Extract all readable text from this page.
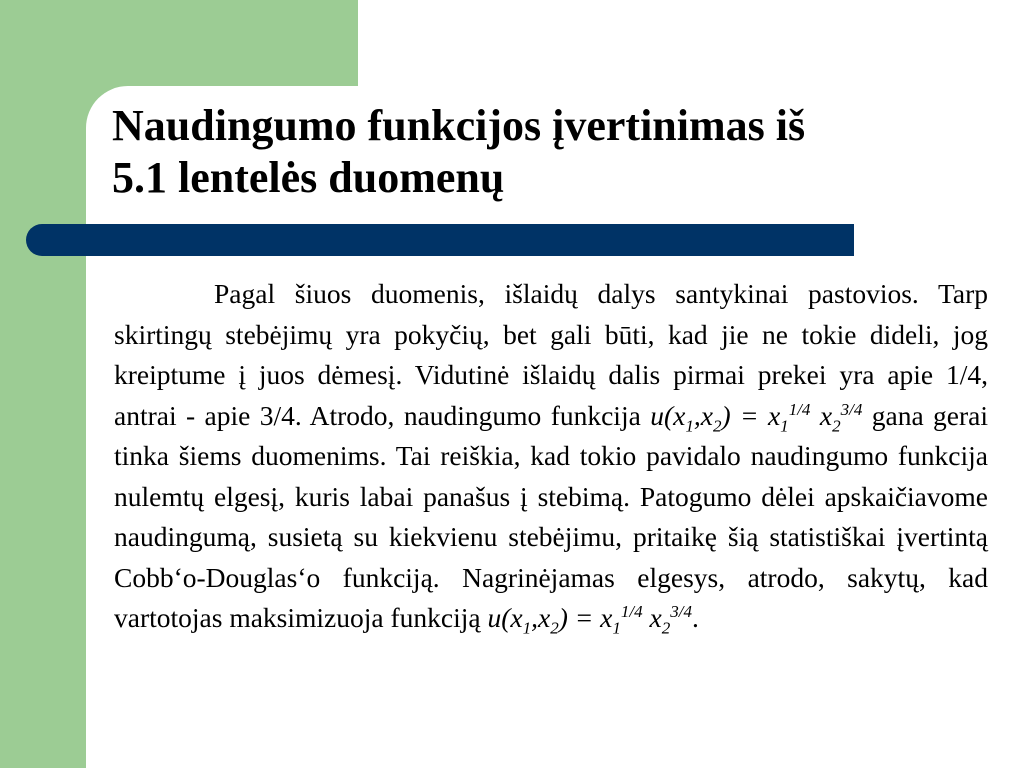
Naudingumo funkcijos įvertinimas iš
5.1 lentelės duomenų

Pagal šiuos duomenis, išlaidų dalys santykinai pastovios. Tarp skirtingų stebėjimų yra pokyčių, bet gali būti, kad jie ne tokie dideli, jog kreiptume į juos dėmesį. Vidutinė išlaidų dalis pirmai prekei yra apie 1/4, antrai - apie 3/4. Atrodo, naudingumo funkcija $u(x_1,x_2) = x_1^{1/4}$ $x_2^{3/4}$ gana gerai tinka šiems duomenims. Tai reiškia, kad tokio pavidalo naudingumo funkcija nulemtų elgesį, kuris labai panašus į stebimą. Patogumo dėlei apskaičiavome naudingumą, susietą su kiekvienu stebėjimu, pritaikę šią statistiškai įvertintą Cobb‘o-Douglas‘o funkciją. Nagrinėjamas elgesys, atrodo, sakytų, kad vartotojas maksimizuoja funkciją $u(x_1,x_2) = x_1^{1/4}$ $x_2^{3/4}$.
